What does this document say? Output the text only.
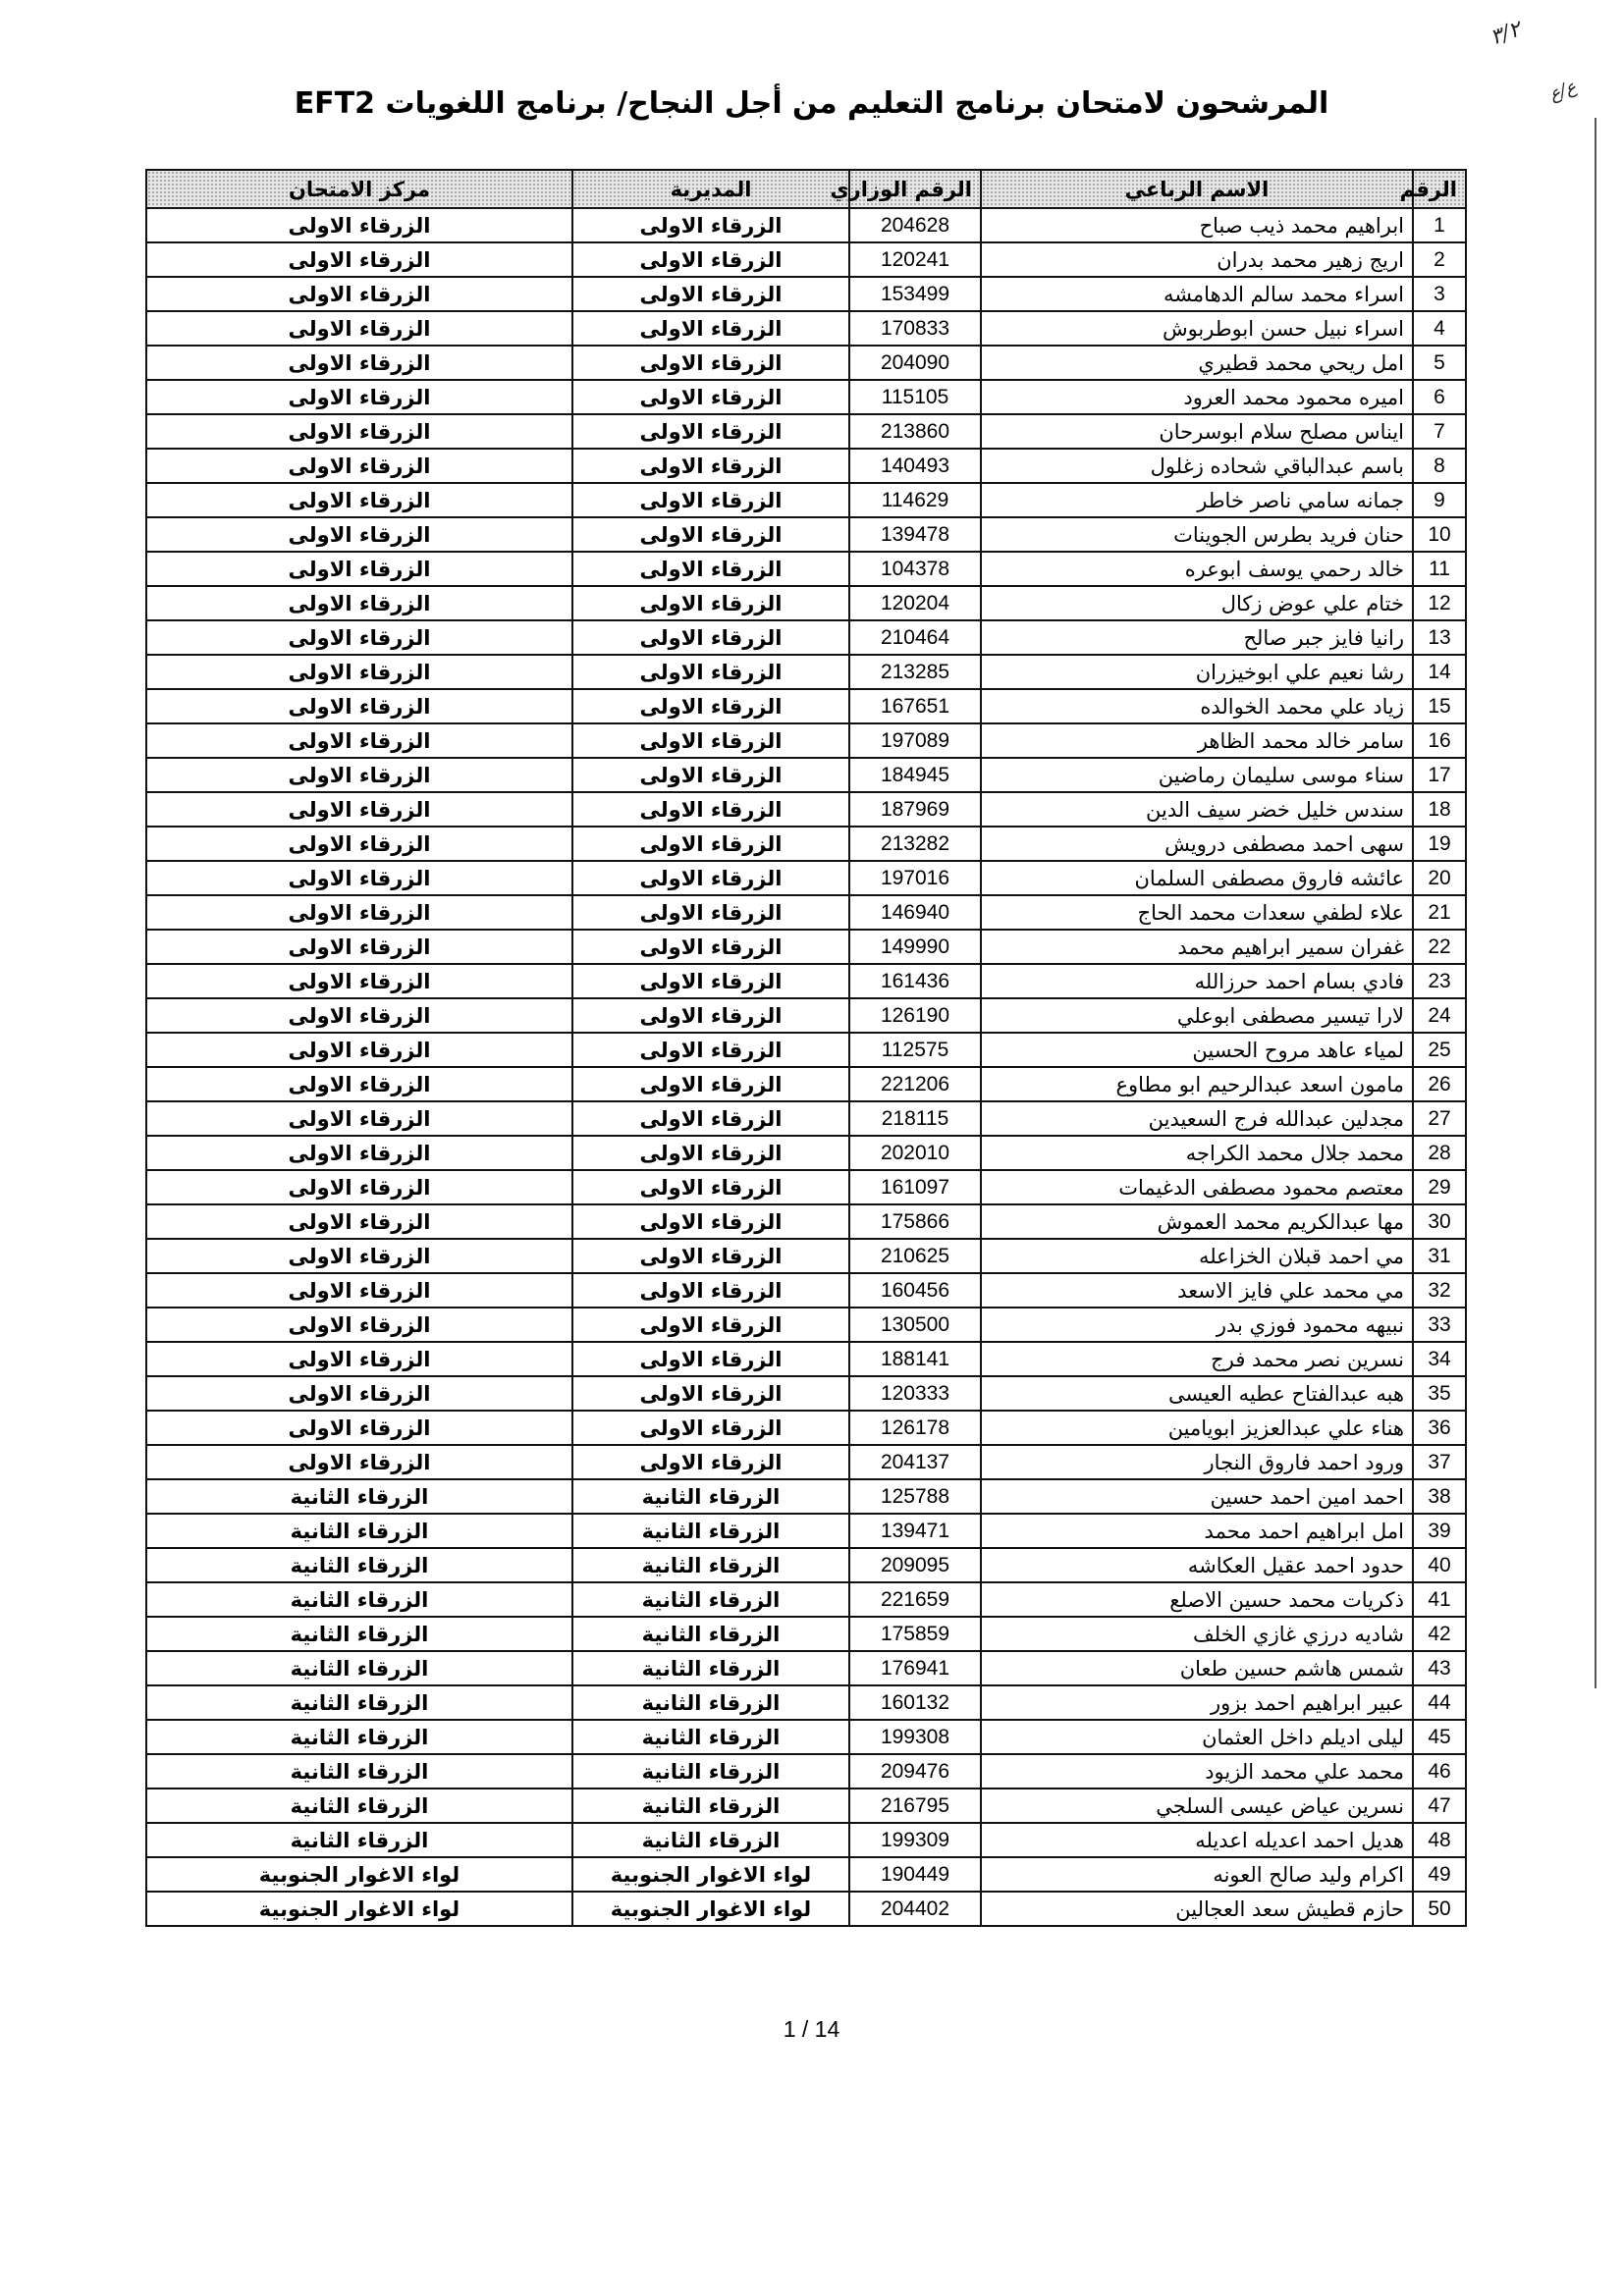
٣/٢
ع/ع
المرشحون لامتحان برنامج التعليم من أجل النجاح/ برنامج اللغويات EFT2
الرقم	الاسم الرباعي	الرقم الوزاري	المديرية	مركز الامتحان
1	ابراهيم محمد ذيب صباح	204628	الزرقاء الاولى	الزرقاء الاولى
2	اريج زهير محمد بدران	120241	الزرقاء الاولى	الزرقاء الاولى
3	اسراء محمد سالم الدهامشه	153499	الزرقاء الاولى	الزرقاء الاولى
4	اسراء نبيل حسن ابوطربوش	170833	الزرقاء الاولى	الزرقاء الاولى
5	امل ريحي محمد قطيري	204090	الزرقاء الاولى	الزرقاء الاولى
6	اميره محمود محمد العرود	115105	الزرقاء الاولى	الزرقاء الاولى
7	ايناس مصلح سلام ابوسرحان	213860	الزرقاء الاولى	الزرقاء الاولى
8	باسم عبدالباقي شحاده زغلول	140493	الزرقاء الاولى	الزرقاء الاولى
9	جمانه سامي ناصر خاطر	114629	الزرقاء الاولى	الزرقاء الاولى
10	حنان فريد بطرس الجوينات	139478	الزرقاء الاولى	الزرقاء الاولى
11	خالد رحمي يوسف ابوعره	104378	الزرقاء الاولى	الزرقاء الاولى
12	ختام علي عوض زكال	120204	الزرقاء الاولى	الزرقاء الاولى
13	رانيا فايز جبر صالح	210464	الزرقاء الاولى	الزرقاء الاولى
14	رشا نعيم علي ابوخيزران	213285	الزرقاء الاولى	الزرقاء الاولى
15	زياد علي محمد الخوالده	167651	الزرقاء الاولى	الزرقاء الاولى
16	سامر خالد محمد الظاهر	197089	الزرقاء الاولى	الزرقاء الاولى
17	سناء موسى سليمان رماضين	184945	الزرقاء الاولى	الزرقاء الاولى
18	سندس خليل خضر سيف الدين	187969	الزرقاء الاولى	الزرقاء الاولى
19	سهى احمد مصطفى درويش	213282	الزرقاء الاولى	الزرقاء الاولى
20	عائشه فاروق مصطفى السلمان	197016	الزرقاء الاولى	الزرقاء الاولى
21	علاء لطفي سعدات محمد الحاج	146940	الزرقاء الاولى	الزرقاء الاولى
22	غفران سمير ابراهيم محمد	149990	الزرقاء الاولى	الزرقاء الاولى
23	فادي بسام احمد حرزالله	161436	الزرقاء الاولى	الزرقاء الاولى
24	لارا تيسير مصطفى ابوعلي	126190	الزرقاء الاولى	الزرقاء الاولى
25	لمياء عاهد مروح الحسين	112575	الزرقاء الاولى	الزرقاء الاولى
26	مامون اسعد عبدالرحيم ابو مطاوع	221206	الزرقاء الاولى	الزرقاء الاولى
27	مجدلين عبدالله فرج السعيدين	218115	الزرقاء الاولى	الزرقاء الاولى
28	محمد جلال محمد الكراجه	202010	الزرقاء الاولى	الزرقاء الاولى
29	معتصم محمود مصطفى الدغيمات	161097	الزرقاء الاولى	الزرقاء الاولى
30	مها عبدالكريم محمد العموش	175866	الزرقاء الاولى	الزرقاء الاولى
31	مي احمد قبلان الخزاعله	210625	الزرقاء الاولى	الزرقاء الاولى
32	مي محمد علي فايز الاسعد	160456	الزرقاء الاولى	الزرقاء الاولى
33	نبيهه محمود فوزي بدر	130500	الزرقاء الاولى	الزرقاء الاولى
34	نسرين نصر محمد فرج	188141	الزرقاء الاولى	الزرقاء الاولى
35	هبه عبدالفتاح عطيه العيسى	120333	الزرقاء الاولى	الزرقاء الاولى
36	هناء علي عبدالعزيز ابويامين	126178	الزرقاء الاولى	الزرقاء الاولى
37	ورود احمد فاروق النجار	204137	الزرقاء الاولى	الزرقاء الاولى
38	احمد امين احمد حسين	125788	الزرقاء الثانية	الزرقاء الثانية
39	امل ابراهيم احمد محمد	139471	الزرقاء الثانية	الزرقاء الثانية
40	حدود احمد عقيل العكاشه	209095	الزرقاء الثانية	الزرقاء الثانية
41	ذكريات محمد حسين الاصلع	221659	الزرقاء الثانية	الزرقاء الثانية
42	شاديه درزي غازي الخلف	175859	الزرقاء الثانية	الزرقاء الثانية
43	شمس هاشم حسين طعان	176941	الزرقاء الثانية	الزرقاء الثانية
44	عبير ابراهيم احمد بزور	160132	الزرقاء الثانية	الزرقاء الثانية
45	ليلى اديلم داخل العثمان	199308	الزرقاء الثانية	الزرقاء الثانية
46	محمد علي محمد الزيود	209476	الزرقاء الثانية	الزرقاء الثانية
47	نسرين عياض عيسى السلجي	216795	الزرقاء الثانية	الزرقاء الثانية
48	هديل احمد اعديله اعديله	199309	الزرقاء الثانية	الزرقاء الثانية
49	اكرام وليد صالح العونه	190449	لواء الاغوار الجنوبية	لواء الاغوار الجنوبية
50	حازم قطيش سعد العجالين	204402	لواء الاغوار الجنوبية	لواء الاغوار الجنوبية
1 / 14
